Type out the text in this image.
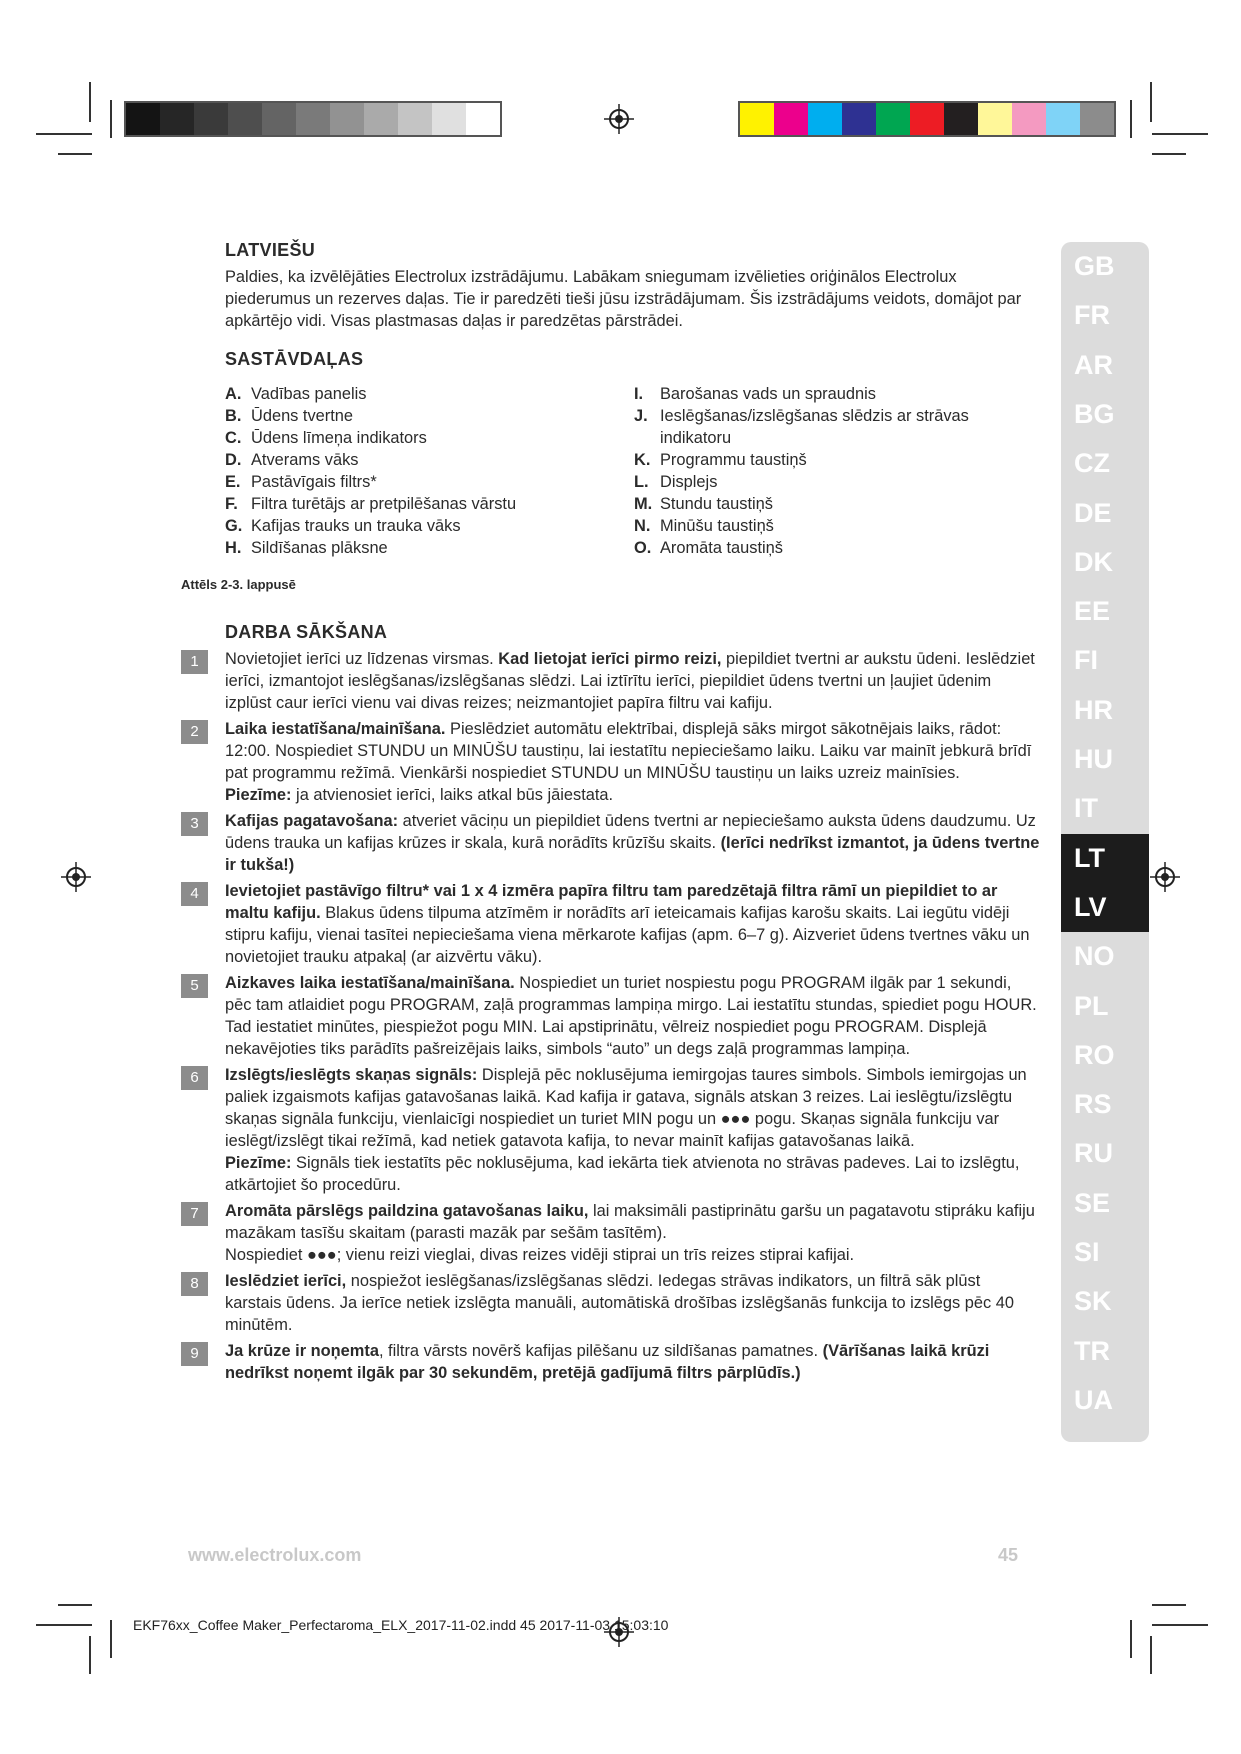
LATVIEŠU
Paldies, ka izvēlējāties Electrolux izstrādājumu. Labākam sniegumam izvēlieties oriģinālos Electrolux piederumus un rezerves daļas. Tie ir paredzēti tieši jūsu izstrādājumam. Šis izstrādājums veidots, domājot par apkārtējo vidi. Visas plastmasas daļas ir paredzētas pārstrādei.
SASTĀVDAĻAS
A. Vadības panelis
B. Ūdens tvertne
C. Ūdens līmeņa indikators
D. Atverams vāks
E. Pastāvīgais filtrs*
F. Filtra turētājs ar pretpilēšanas vārstu
G. Kafijas trauks un trauka vāks
H. Sildīšanas plāksne
I.	Barošanas vads un spraudnis
J. Ieslēgšanas/izslēgšanas slēdzis ar strāvas
indikatoru
K. Programmu taustiņš
L. Displejs
M. Stundu taustiņš
N. Minūšu taustiņš
O. Aromāta taustiņš
Attēls 2-3. lappusē
DARBA SĀKŠANA
1	Novietojiet ierīci uz līdzenas virsmas. Kad lietojat ierīci pirmo reizi, piepildiet tvertni ar aukstu ūdeni. Ieslēdziet ierīci, izmantojot ieslēgšanas/izslēgšanas slēdzi. Lai iztīrītu ierīci, piepildiet ūdens tvertni un ļaujiet ūdenim izplūst caur ierīci vienu vai divas reizes; neizmantojiet papīra filtru vai kafiju.
2	Laika iestatīšana/mainīšana. Pieslēdziet automātu elektrībai, displejā sāks mirgot sākotnējais laiks, rādot: 12:00. Nospiediet STUNDU un MINŪŠU taustiņu, lai iestatītu nepieciešamo laiku. Laiku var mainīt jebkurā brīdī pat programmu režīmā. Vienkārši nospiediet STUNDU un MINŪŠU taustiņu un laiks uzreiz mainīsies.
Piezīme: ja atvienosiet ierīci, laiks atkal būs jāiestata.
3	Kafijas pagatavošana: atveriet vāciņu un piepildiet ūdens tvertni ar nepieciešamo auksta ūdens daudzumu. Uz ūdens trauka un kafijas krūzes ir skala, kurā norādīts krūzīšu skaits. (Ierīci nedrīkst izmantot, ja ūdens tvertne ir tukša!)
4	Ievietojiet pastāvīgo filtru* vai 1 x 4 izmēra papīra filtru tam paredzētajā filtra rāmī un piepildiet to ar maltu kafiju. Blakus ūdens tilpuma atzīmēm ir norādīts arī ieteicamais kafijas karošu skaits. Lai iegūtu vidēji stipru kafiju, vienai tasītei nepieciešama viena mērkarote kafijas (apm. 6–7 g). Aizveriet ūdens tvertnes vāku un novietojiet trauku atpakaļ (ar aizvērtu vāku).
5	Aizkaves laika iestatīšana/mainīšana. Nospiediet un turiet nospiestu pogu PROGRAM ilgāk par 1 sekundi, pēc tam atlaidiet pogu PROGRAM, zaļā programmas lampiņa mirgo. Lai iestatītu stundas, spiediet pogu HOUR. Tad iestatiet minūtes, piespiežot pogu MIN. Lai apstiprinātu, vēlreiz nospiediet pogu PROGRAM. Displejā nekavējoties tiks parādīts pašreizējais laiks, simbols “auto” un degs zaļā programmas lampiņa.
6	Izslēgts/ieslēgts skaņas signāls: Displejā pēc noklusējuma iemirgojas taures simbols. Simbols iemirgojas un paliek izgaismots kafijas gatavošanas laikā. Kad kafija ir gatava, signāls atskan 3 reizes. Lai ieslēgtu/izslēgtu skaņas signāla funkciju, vienlaicīgi nospiediet un turiet MIN pogu un ●●● pogu. Skaņas signāla funkciju var ieslēgt/izslēgt tikai režīmā, kad netiek gatavota kafija, to nevar mainīt kafijas gatavošanas laikā.
Piezīme: Signāls tiek iestatīts pēc noklusējuma, kad iekārta tiek atvienota no strāvas padeves. Lai to izslēgtu, atkārtojiet šo procedūru.
7	Aromāta pārslēgs paildzina gatavošanas laiku, lai maksimāli pastiprinātu garšu un pagatavotu stipráku kafiju mazākam tasīšu skaitam (parasti mazāk par sešām tasītēm).
Nospiediet ●●●; vienu reizi vieglai, divas reizes vidēji stiprai un trīs reizes stiprai kafijai.
8	Ieslēdziet ierīci, nospiežot ieslēgšanas/izslēgšanas slēdzi. Iedegas strāvas indikators, un filtrā sāk plūst karstais ūdens. Ja ierīce netiek izslēgta manuāli, automātiskā drošības izslēgšanās funkcija to izslēgs pēc 40 minūtēm.
9	Ja krūze ir noņemta, filtra vārsts novērš kafijas pilēšanu uz sildīšanas pamatnes. (Vārīšanas laikā krūzi nedrīkst noņemt ilgāk par 30 sekundēm, pretējā gadījumā filtrs pārplūdīs.)
GB
FR
AR
BG
CZ
DE
DK
EE
FI
HR
HU
IT
LT
LV
NO
PL
RO
RS
RU
SE
SI
SK
TR
UA
www.electrolux.com	45
EKF76xx_Coffee Maker_Perfectaroma_ELX_2017-11-02.indd 45 2017-11-03 15:03:10
